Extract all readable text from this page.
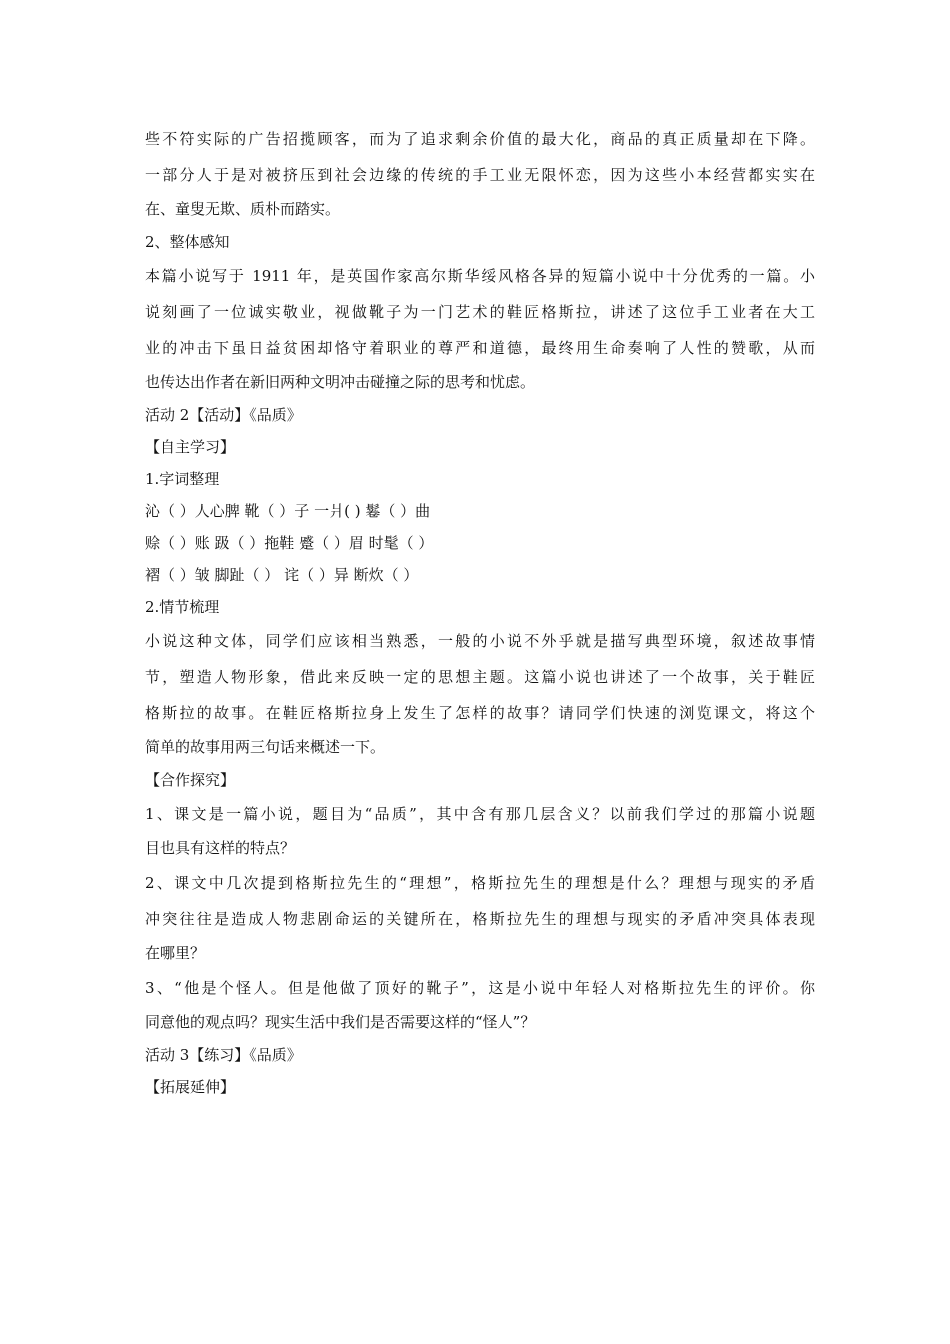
些不符实际的广告招揽顾客，而为了追求剩余价值的最大化，商品的真正质量却在下降。
一部分人于是对被挤压到社会边缘的传统的手工业无限怀恋，因为这些小本经营都实实在
在、童叟无欺、质朴而踏实。
2、整体感知
本篇小说写于 1911 年，是英国作家高尔斯华绥风格各异的短篇小说中十分优秀的一篇。小
说刻画了一位诚实敬业，视做靴子为一门艺术的鞋匠格斯拉，讲述了这位手工业者在大工
业的冲击下虽日益贫困却恪守着职业的尊严和道德，最终用生命奏响了人性的赞歌，从而
也传达出作者在新旧两种文明冲击碰撞之际的思考和忧虑。
活动 2【活动】《品质》
【自主学习】
1.字词整理
沁（ ）人心脾 靴（ ）子 一爿( ) 鬈（ ）曲
赊（ ）账 趿（ ）拖鞋 蹙（ ）眉 时髦（ ）
褶（ ）皱 脚趾（ ） 诧（ ）异 断炊（ ）
2.情节梳理
小说这种文体，同学们应该相当熟悉，一般的小说不外乎就是描写典型环境，叙述故事情
节，塑造人物形象，借此来反映一定的思想主题。这篇小说也讲述了一个故事，关于鞋匠
格斯拉的故事。在鞋匠格斯拉身上发生了怎样的故事？请同学们快速的浏览课文，将这个
简单的故事用两三句话来概述一下。
【合作探究】
1、课文是一篇小说，题目为“品质”，其中含有那几层含义？以前我们学过的那篇小说题
目也具有这样的特点？
2、课文中几次提到格斯拉先生的“理想”，格斯拉先生的理想是什么？理想与现实的矛盾
冲突往往是造成人物悲剧命运的关键所在，格斯拉先生的理想与现实的矛盾冲突具体表现
在哪里？
3、“他是个怪人。但是他做了顶好的靴子”，这是小说中年轻人对格斯拉先生的评价。你
同意他的观点吗？现实生活中我们是否需要这样的“怪人”？
活动 3【练习】《品质》
【拓展延伸】
